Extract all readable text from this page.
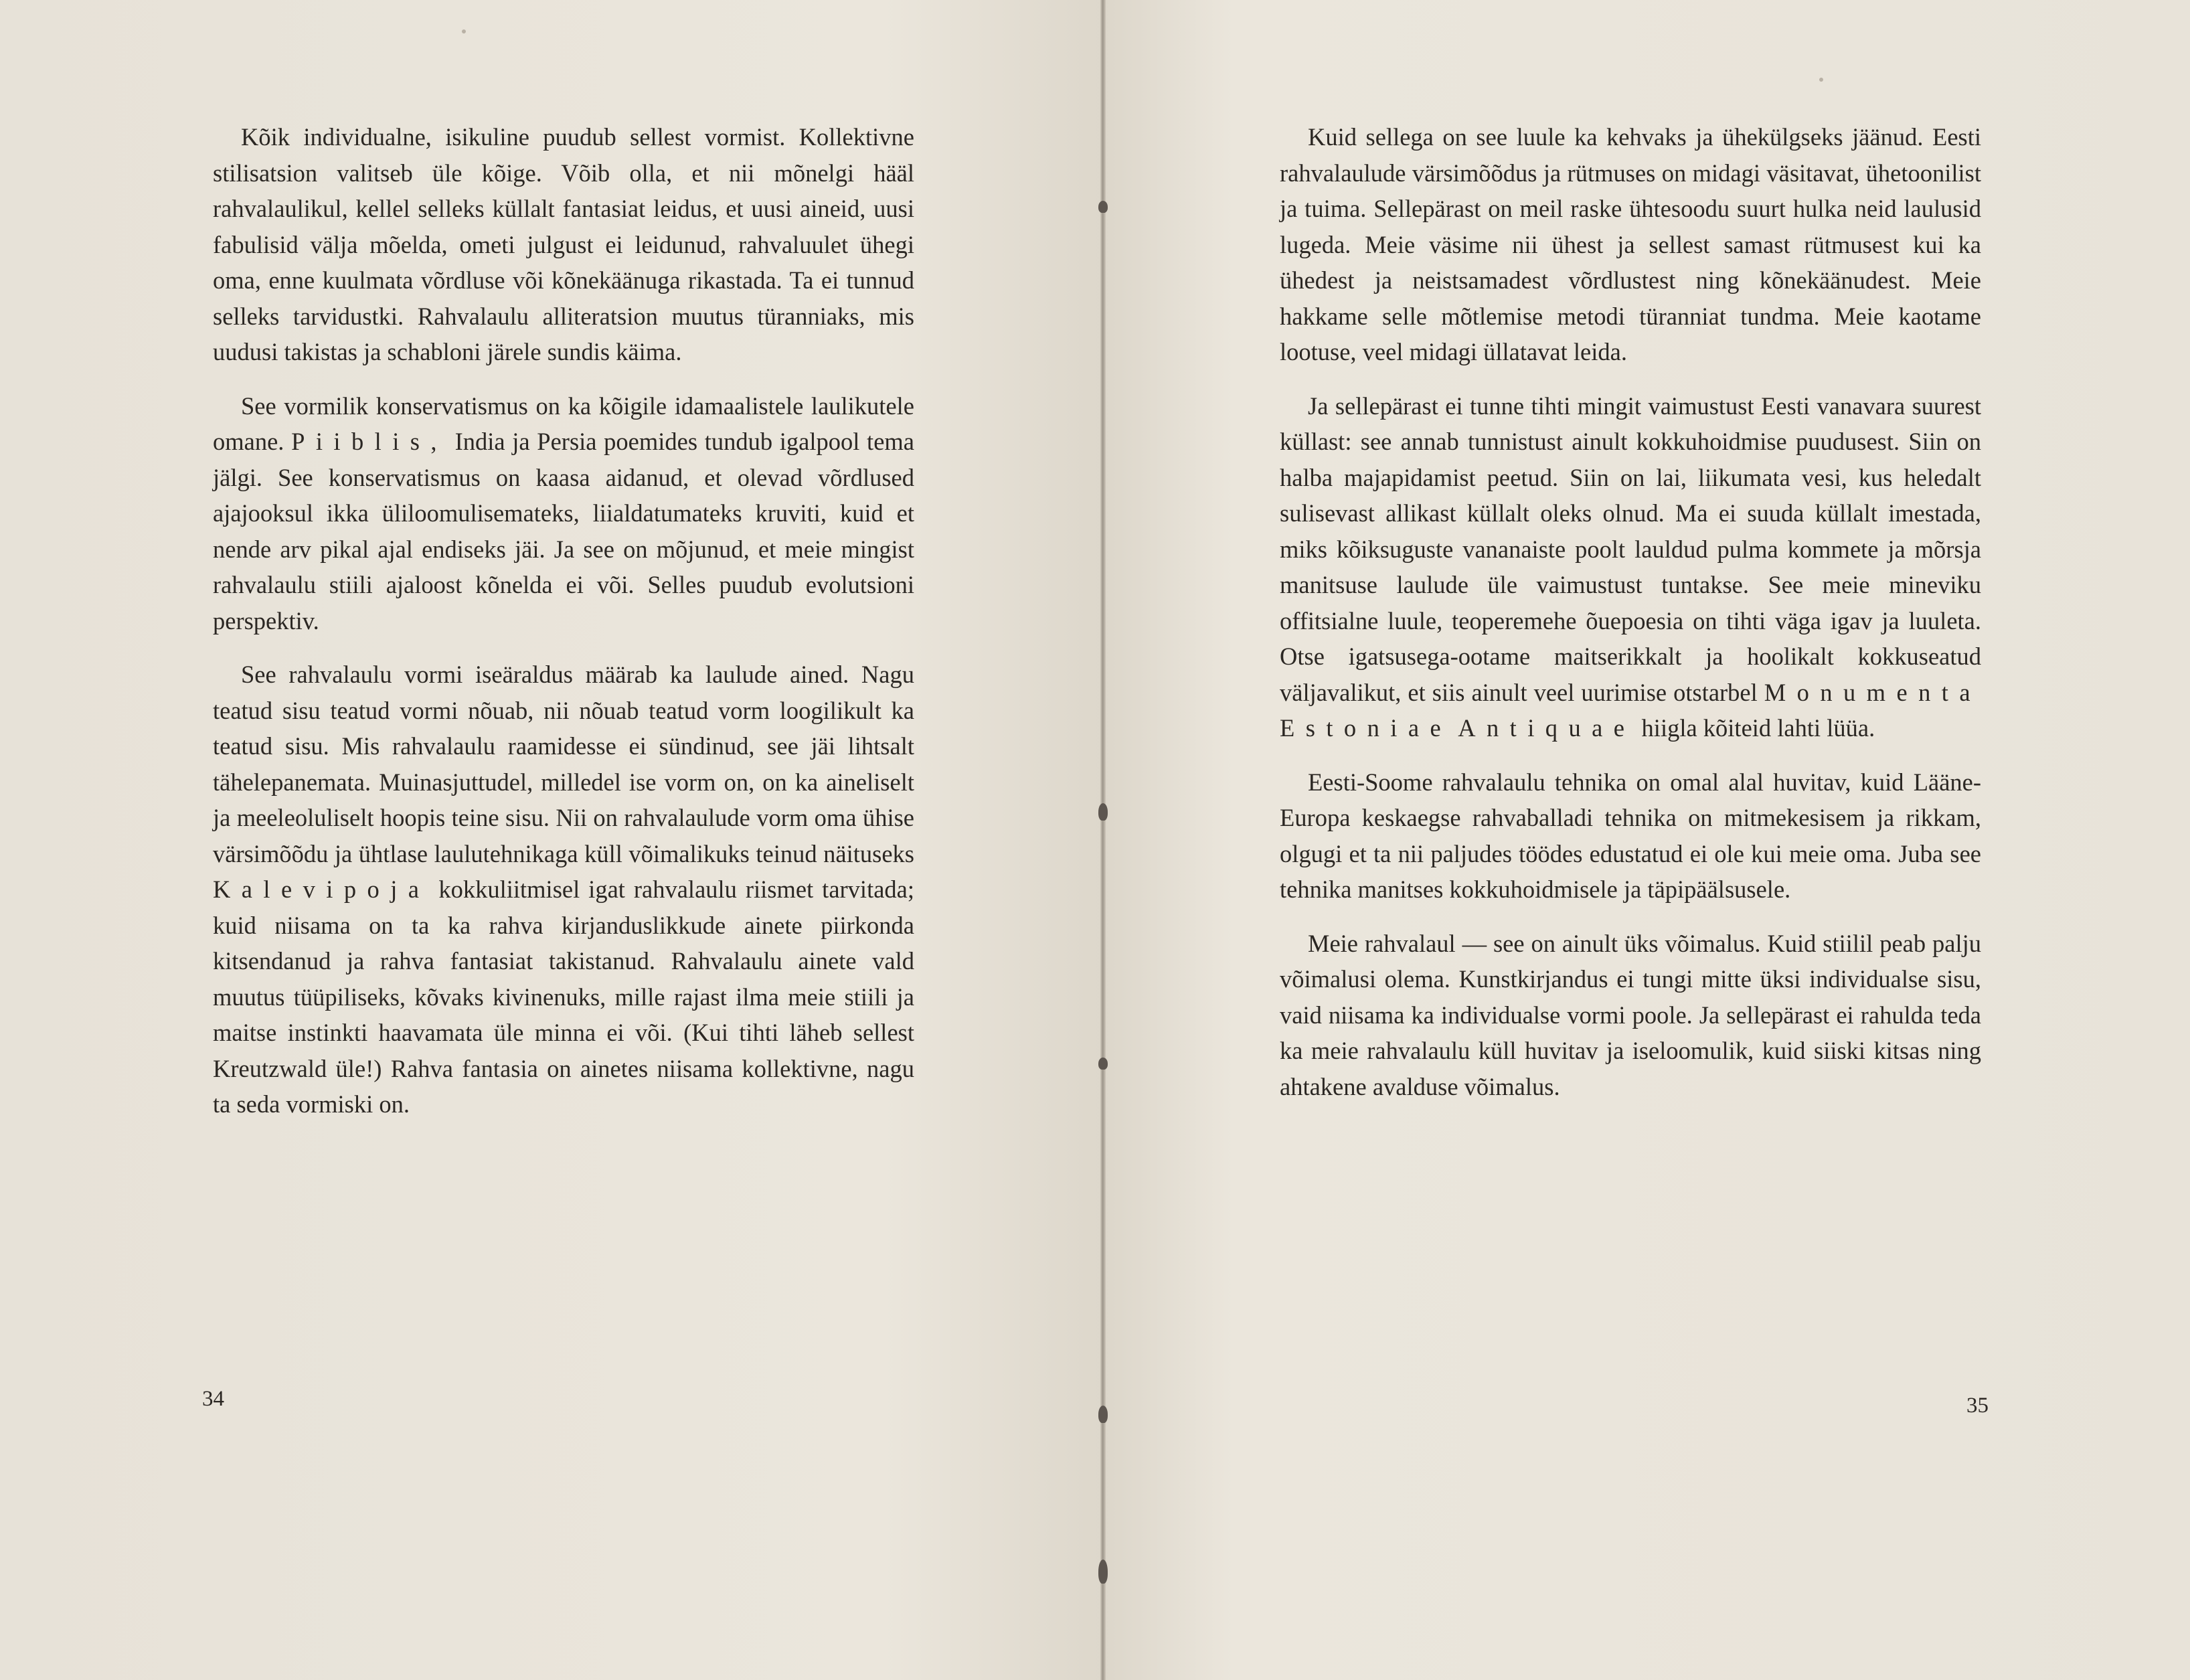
Kõik individualne, isikuline puudub sellest vormist. Kollektivne stilisatsion valitseb üle kõige. Võib olla, et nii mõnelgi hääl rahvalaulikul, kellel selleks küllalt fantasiat leidus, et uusi aineid, uusi fabulisid välja mõelda, ometi julgust ei leidunud, rahvaluulet ühegi oma, enne kuulmata võrdluse või kõnekäänuga rikastada. Ta ei tunnud selleks tarvidustki. Rahvalaulu alliteratsion muutus türanniaks, mis uudusi takistas ja schabloni järele sundis käima.

See vormilik konservatismus on ka kõigile idamaalistele laulikutele omane. Piiblis, India ja Persia poemides tundub igalpool tema jälgi. See konservatismus on kaasa aidanud, et olevad võrdlused ajajooksul ikka üliloomulisemateks, liialdatumateks kruviti, kuid et nende arv pikal ajal endiseks jäi. Ja see on mõjunud, et meie mingist rahvalaulu stiili ajaloost kõnelda ei või. Selles puudub evolutsioni perspektiv.

See rahvalaulu vormi iseäraldus määrab ka laulude ained. Nagu teatud sisu teatud vormi nõuab, nii nõuab teatud vorm loogilikult ka teatud sisu. Mis rahvalaulu raamidesse ei sündinud, see jäi lihtsalt tähelepanemata. Muinasjuttudel, milledel ise vorm on, on ka aineliselt ja meeleoluliselt hoopis teine sisu. Nii on rahvalaulude vorm oma ühise värsimõõdu ja ühtlase laulutehnikaga küll võimalikuks teinud näituseks Kalevipoja kokkuliitmisel igat rahvalaulu riismet tarvitada; kuid niisama on ta ka rahva kirjanduslikkude ainete piirkonda kitsendanud ja rahva fantasiat takistanud. Rahvalaulu ainete vald muutus tüüpiliseks, kõvaks kivinenuks, mille rajast ilma meie stiili ja maitse instinkti haavamata üle minna ei või. (Kui tihti läheb sellest Kreutzwald üle!) Rahva fantasia on ainetes niisama kollektivne, nagu ta seda vormiski on.

34

Kuid sellega on see luule ka kehvaks ja ühekülgseks jäänud. Eesti rahvalaulude värsimõõdus ja rütmuses on midagi väsitavat, ühetoonilist ja tuima. Sellepärast on meil raske ühtesoodu suurt hulka neid laulusid lugeda. Meie väsime nii ühest ja sellest samast rütmusest kui ka ühedest ja neistsamadest võrdlustest ning kõnekäänudest. Meie hakkame selle mõtlemise metodi türanniat tundma. Meie kaotame lootuse, veel midagi üllatavat leida.

Ja sellepärast ei tunne tihti mingit vaimustust Eesti vanavara suurest küllast: see annab tunnistust ainult kokkuhoidmise puudusest. Siin on halba majapidamist peetud. Siin on lai, liikumata vesi, kus heledalt sulisevast allikast küllalt oleks olnud. Ma ei suuda küllalt imestada, miks kõiksuguste vananaiste poolt lauldud pulma kommete ja mõrsja manitsuse laulude üle vaimustust tuntakse. See meie mineviku offitsialne luule, teoperemehe õuepoesia on tihti väga igav ja luuleta. Otse igatsusega-ootame maitserikkalt ja hoolikalt kokkuseatud väljavalikut, et siis ainult veel uurimise otstarbel Monumenta Estoniae Antiquae hiigla kõiteid lahti lüüa.

Eesti-Soome rahvalaulu tehnika on omal alal huvitav, kuid Lääne-Europa keskaegse rahvaballadi tehnika on mitmekesisem ja rikkam, olgugi et ta nii paljudes töödes edustatud ei ole kui meie oma. Juba see tehnika manitses kokkuhoidmisele ja täpipäälsusele.

Meie rahvalaul — see on ainult üks võimalus. Kuid stiilil peab palju võimalusi olema. Kunstkirjandus ei tungi mitte üksi individualse sisu, vaid niisama ka individualse vormi poole. Ja sellepärast ei rahulda teda ka meie rahvalaulu küll huvitav ja iseloomulik, kuid siiski kitsas ning ahtakene avalduse võimalus.

35
